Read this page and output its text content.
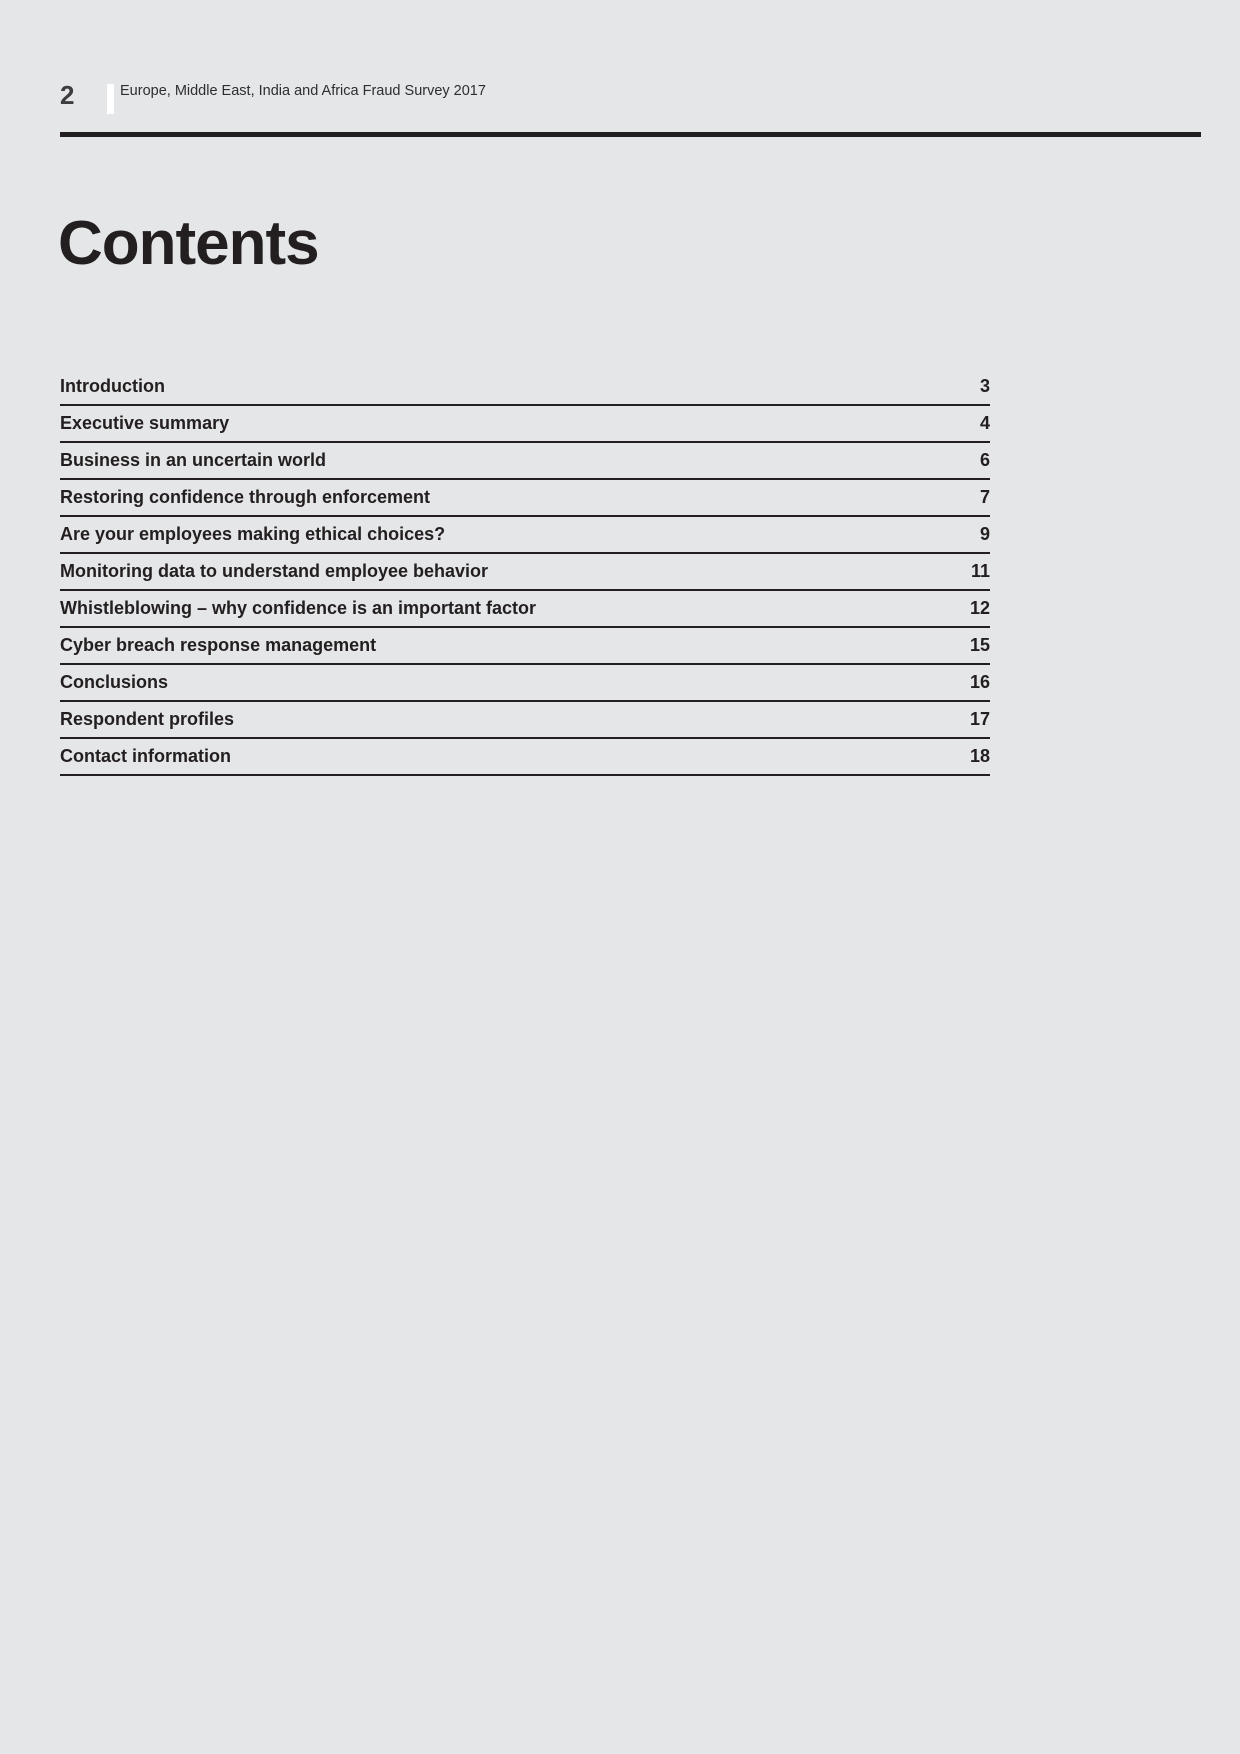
2	Europe, Middle East, India and Africa Fraud Survey 2017
Contents
Introduction	3
Executive summary	4
Business in an uncertain world	6
Restoring confidence through enforcement	7
Are your employees making ethical choices?	9
Monitoring data to understand employee behavior	11
Whistleblowing – why confidence is an important factor	12
Cyber breach response management	15
Conclusions	16
Respondent profiles	17
Contact information	18
